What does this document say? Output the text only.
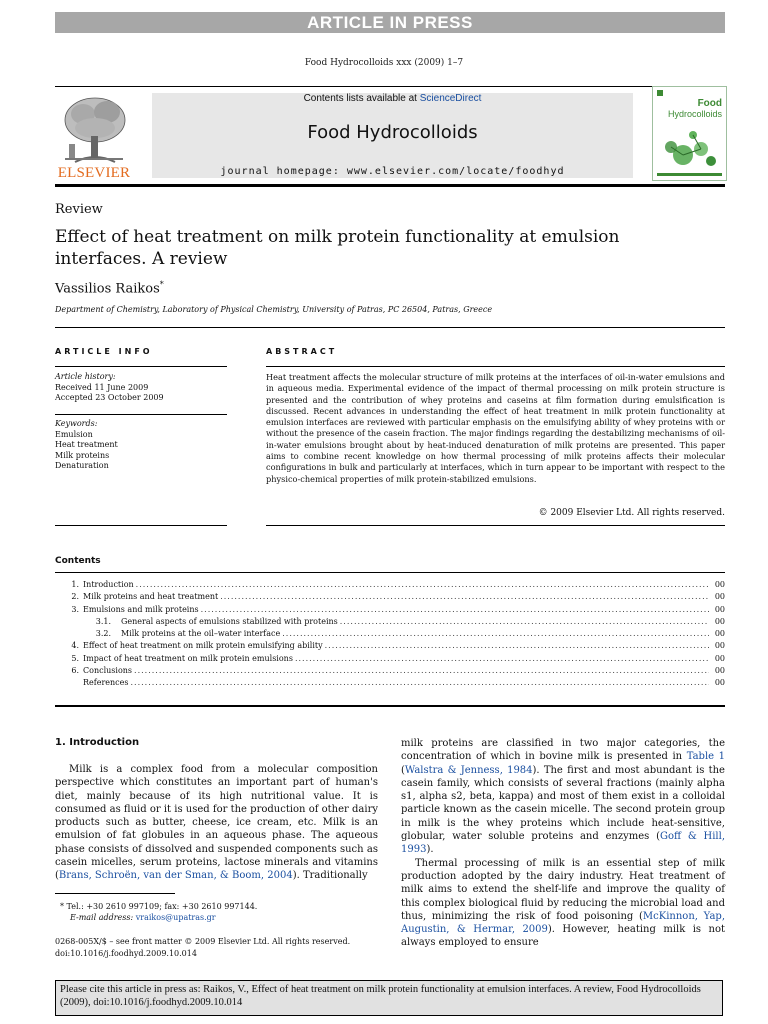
ARTICLE IN PRESS
Food Hydrocolloids xxx (2009) 1–7
Contents lists available at ScienceDirect
Food Hydrocolloids
journal homepage: www.elsevier.com/locate/foodhyd
ELSEVIER
Food
Hydrocolloids
Review
Effect of heat treatment on milk protein functionality at emulsion interfaces. A review
Vassilios Raikos*
Department of Chemistry, Laboratory of Physical Chemistry, University of Patras, PC 26504, Patras, Greece
ARTICLE INFO
Article history:
Received 11 June 2009
Accepted 23 October 2009
Keywords:
Emulsion
Heat treatment
Milk proteins
Denaturation
ABSTRACT
Heat treatment affects the molecular structure of milk proteins at the interfaces of oil-in-water emulsions and in aqueous media. Experimental evidence of the impact of thermal processing on milk protein structure is presented and the contribution of whey proteins and caseins at film formation during emulsification is discussed. Recent advances in understanding the effect of heat treatment in milk protein functionality at emulsion interfaces are reviewed with particular emphasis on the emulsifying ability of whey proteins with or without the presence of the casein fraction. The major findings regarding the destabilizing mechanisms of oil-in-water emulsions brought about by heat-induced denaturation of milk proteins are presented. This paper aims to combine recent knowledge on how thermal processing of milk proteins affects their molecular configurations in bulk and particularly at interfaces, which in turn appear to be important with respect to the physico-chemical properties of milk protein-stabilized emulsions.
© 2009 Elsevier Ltd. All rights reserved.
Contents
1. Introduction .....	00
2. Milk proteins and heat treatment .....	00
3. Emulsions and milk proteins .....	00
3.1.	General aspects of emulsions stabilized with proteins .....	00
3.2.	Milk proteins at the oil–water interface .....	00
4. Effect of heat treatment on milk protein emulsifying ability .....	00
5. Impact of heat treatment on milk protein emulsions .....	00
6. Conclusions .....	00
References .....	00
1. Introduction
Milk is a complex food from a molecular composition perspective which constitutes an important part of human's diet, mainly because of its high nutritional value. It is consumed as fluid or it is used for the production of other dairy products such as butter, cheese, ice cream, etc. Milk is an emulsion of fat globules in an aqueous phase. The aqueous phase consists of dissolved and suspended components such as casein micelles, serum proteins, lactose minerals and vitamins (Brans, Schroën, van der Sman, & Boom, 2004). Traditionally
milk proteins are classified in two major categories, the concentration of which in bovine milk is presented in Table 1 (Walstra & Jenness, 1984). The first and most abundant is the casein family, which consists of several fractions (mainly alpha s1, alpha s2, beta, kappa) and most of them exist in a colloidal particle known as the casein micelle. The second protein group in milk is the whey proteins which include heat-sensitive, globular, water soluble proteins and enzymes (Goff & Hill, 1993).
Thermal processing of milk is an essential step of milk production adopted by the dairy industry. Heat treatment of milk aims to extend the shelf-life and improve the quality of this complex biological fluid by reducing the microbial load and thus, minimizing the risk of food poisoning (McKinnon, Yap, Augustin, & Hermar, 2009). However, heating milk is not always employed to ensure
* Tel.: +30 2610 997109; fax: +30 2610 997144.
E-mail address: vraikos@upatras.gr
0268-005X/$ – see front matter © 2009 Elsevier Ltd. All rights reserved.
doi:10.1016/j.foodhyd.2009.10.014
Please cite this article in press as: Raikos, V., Effect of heat treatment on milk protein functionality at emulsion interfaces. A review, Food Hydrocolloids (2009), doi:10.1016/j.foodhyd.2009.10.014
